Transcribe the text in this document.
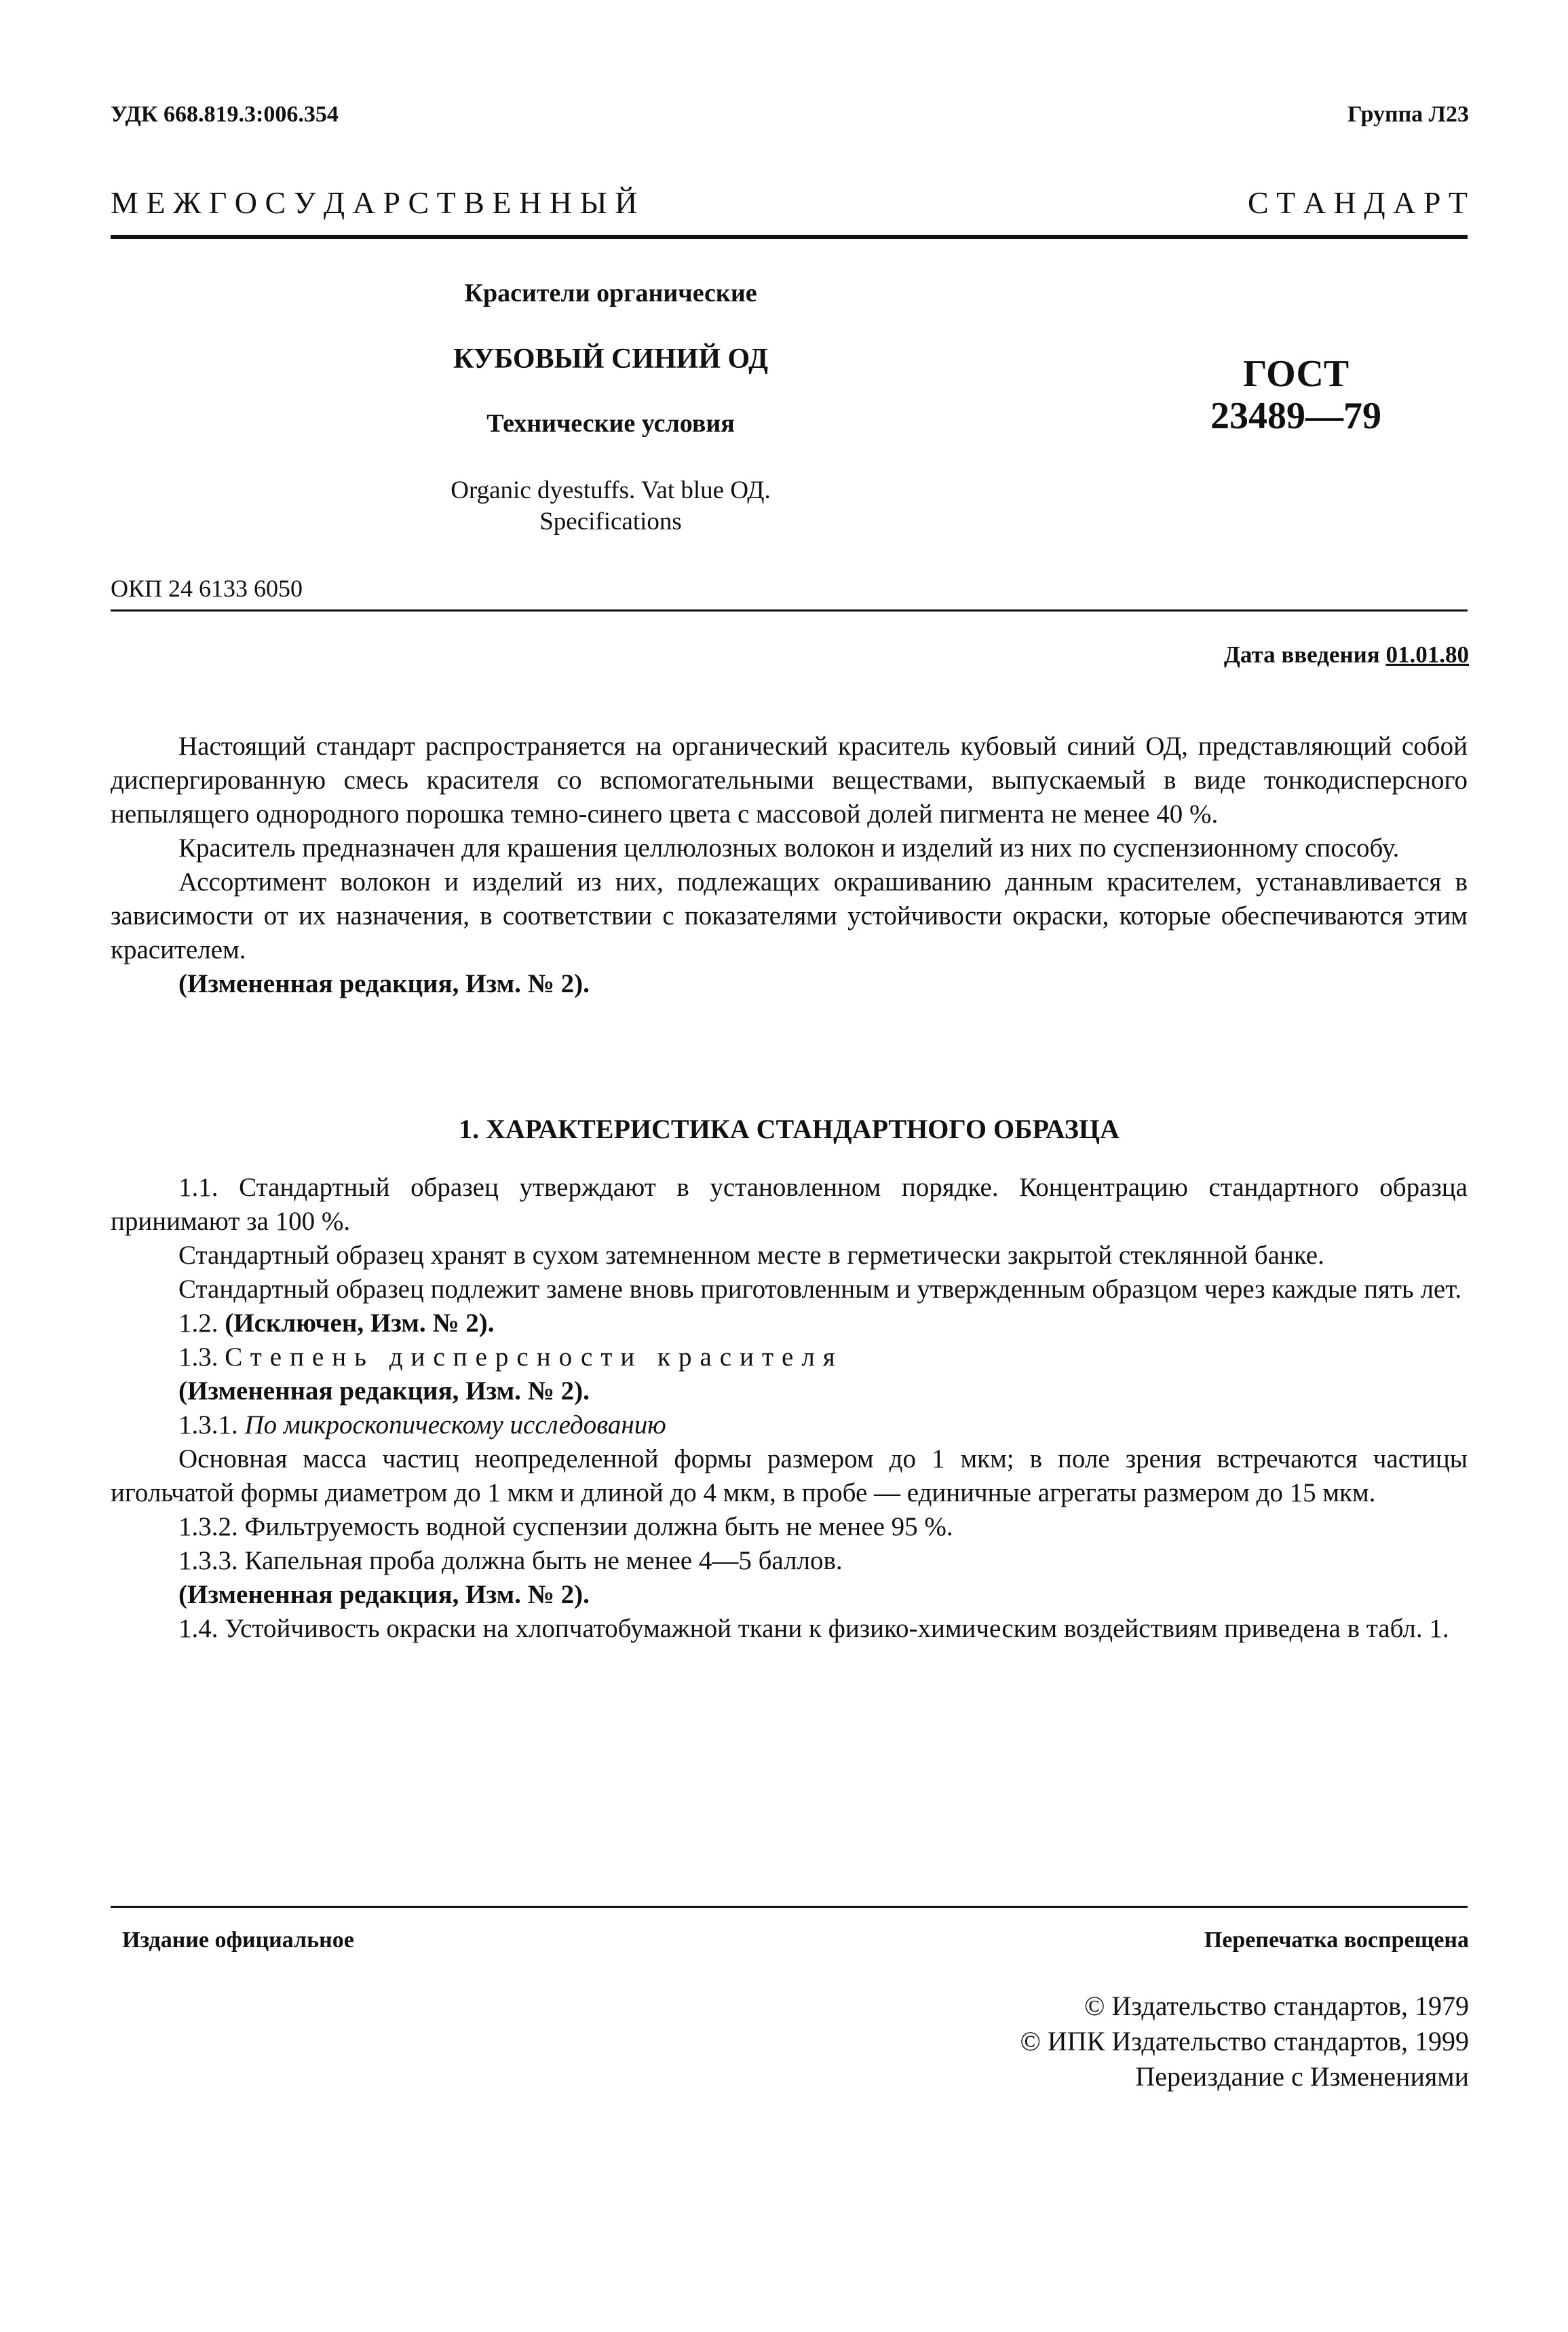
УДК 668.819.3:006.354	Группа Л23
М Е Ж Г О С У Д А Р С Т В Е Н Н Ы Й	С Т А Н Д А Р Т
Красители органические
КУБОВЫЙ СИНИЙ ОД
Технические условия
Organic dyestuffs. Vat blue ОД.
Specifications
ГОСТ
23489—79
ОКП 24 6133 6050
Дата введения 01.01.80

Настоящий стандарт распространяется на органический краситель кубовый синий ОД, представляющий собой диспергированную смесь красителя со вспомогательными веществами, выпускаемый в виде тонкодисперсного непылящего однородного порошка темно-синего цвета с массовой долей пигмента не менее 40 %.

Краситель предназначен для крашения целлюлозных волокон и изделий из них по суспензионному способу.

Ассортимент волокон и изделий из них, подлежащих окрашиванию данным красителем, устанавливается в зависимости от их назначения, в соответствии с показателями устойчивости окраски, которые обеспечиваются этим красителем.

(Измененная редакция, Изм. № 2).

1. ХАРАКТЕРИСТИКА СТАНДАРТНОГО ОБРАЗЦА

1.1. Стандартный образец утверждают в установленном порядке. Концентрацию стандартного образца принимают за 100 %.

Стандартный образец хранят в сухом затемненном месте в герметически закрытой стеклянной банке.

Стандартный образец подлежит замене вновь приготовленным и утвержденным образцом через каждые пять лет.

1.2. (Исключен, Изм. № 2).

1.3. Степень дисперсности красителя

(Измененная редакция, Изм. № 2).

1.3.1. По микроскопическому исследованию

Основная масса частиц неопределенной формы размером до 1 мкм; в поле зрения встречаются частицы игольчатой формы диаметром до 1 мкм и длиной до 4 мкм, в пробе — единичные агрегаты размером до 15 мкм.

1.3.2. Фильтруемость водной суспензии должна быть не менее 95 %.

1.3.3. Капельная проба должна быть не менее 4—5 баллов.

(Измененная редакция, Изм. № 2).

1.4. Устойчивость окраски на хлопчатобумажной ткани к физико-химическим воздействиям приведена в табл. 1.

Издание официальное	Перепечатка воспрещена
© Издательство стандартов, 1979
© ИПК Издательство стандартов, 1999
Переиздание с Изменениями
